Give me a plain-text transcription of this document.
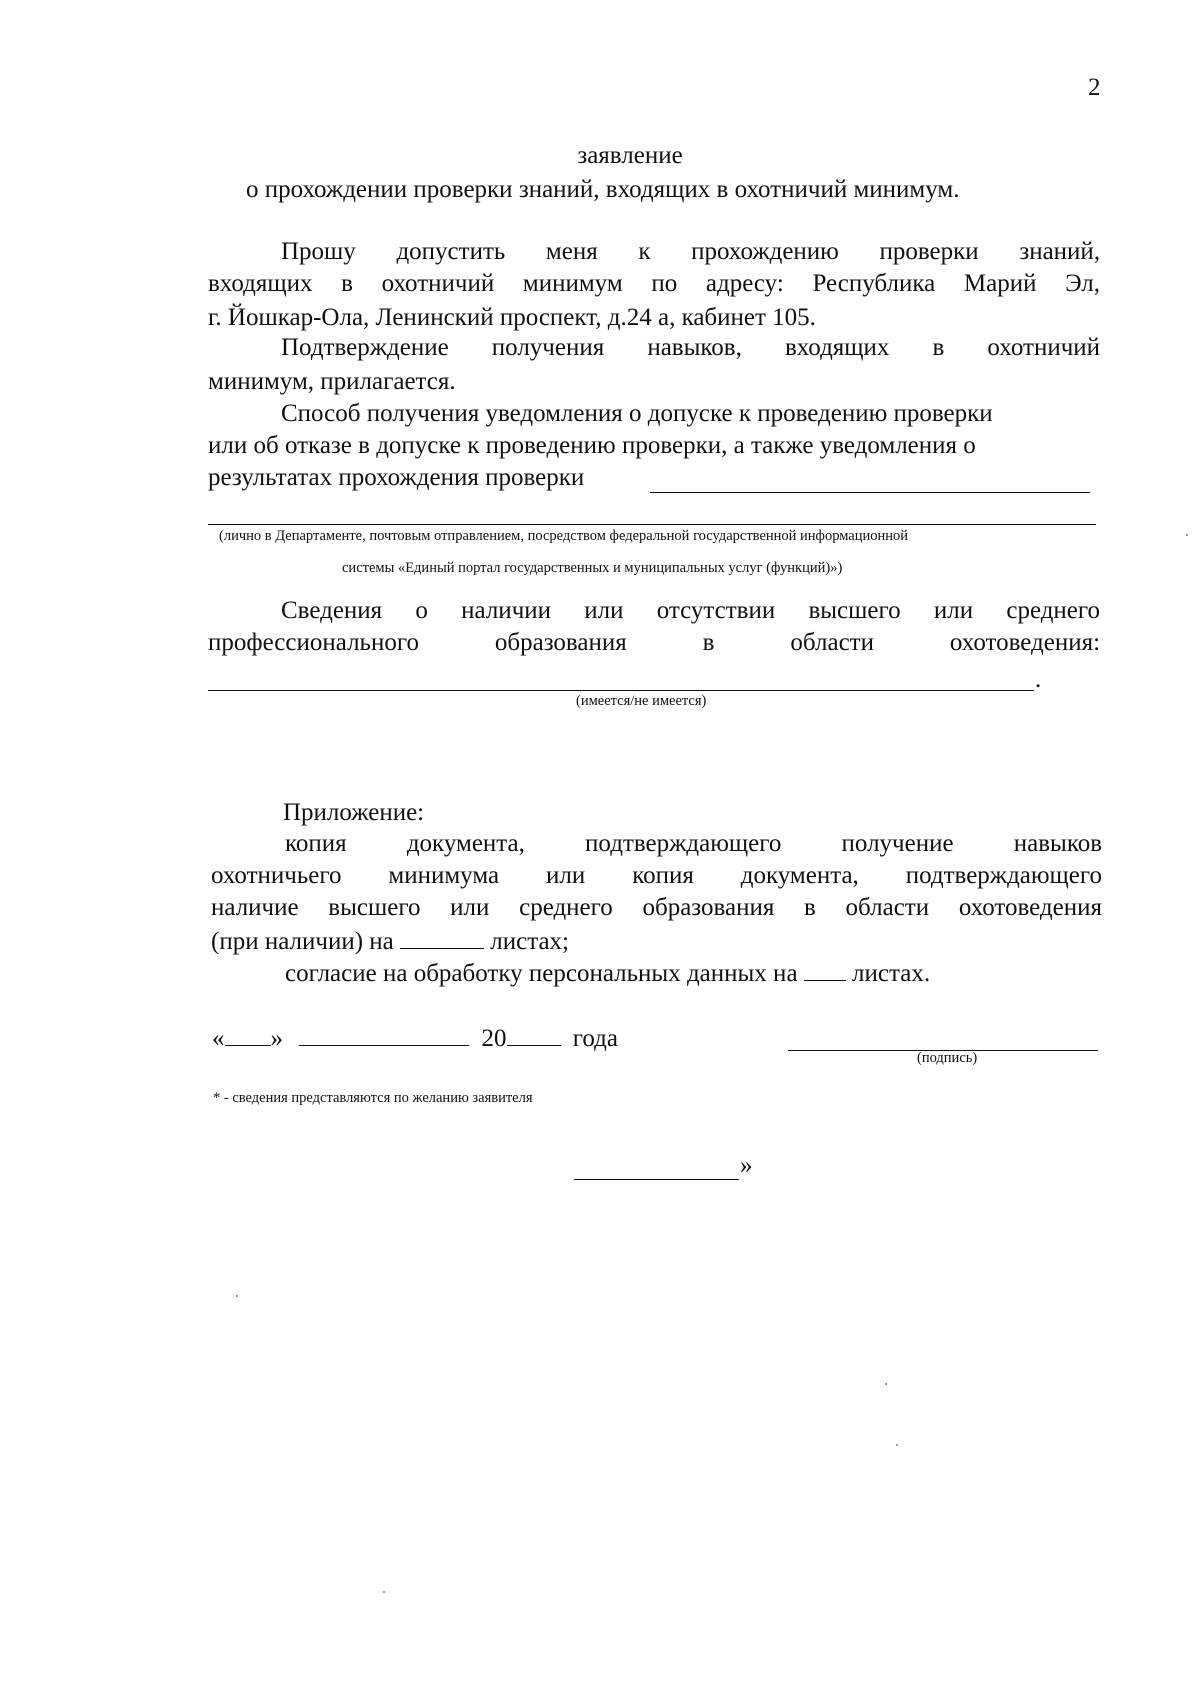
2
заявление
о прохождении проверки знаний, входящих в охотничий минимум.
Прошу допустить меня к прохождению проверки знаний,
входящих в охотничий минимум по адресу: Республика Марий Эл,
г. Йошкар-Ола, Ленинский проспект, д.24 а, кабинет 105.
Подтверждение получения навыков, входящих в охотничий
минимум, прилагается.
Способ получения уведомления о допуске к проведению проверки
или об отказе в допуске к проведению проверки, а также уведомления о
результатах прохождения проверки
(лично в Департаменте, почтовым отправлением, посредством федеральной государственной информационной
системы «Единый портал государственных и муниципальных услуг (функций)»)
Сведения о наличии или отсутствии высшего или среднего
профессионального	образования	в	области	охотоведения:
.
(имеется/не имеется)
Приложение:
копия документа, подтверждающего получение навыков
охотничьего минимума или копия документа, подтверждающего
наличие высшего или среднего образования в области охотоведения
(при наличии) на	листах;
согласие на обработку персональных данных на листах.
« »	20	года
(подпись)
* - сведения представляются по желанию заявителя
»
